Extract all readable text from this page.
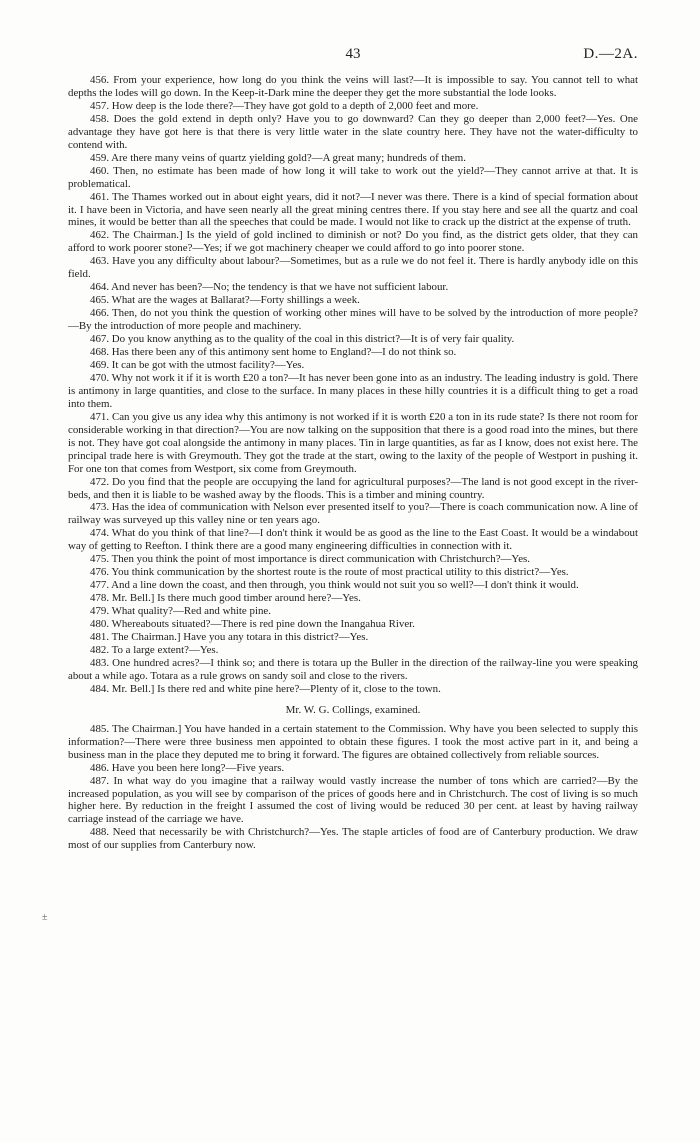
43	D.—2A.

456. From your experience, how long do you think the veins will last?—It is impossible to say. You cannot tell to what depths the lodes will go down. In the Keep-it-Dark mine the deeper they get the more substantial the lode looks.

457. How deep is the lode there?—They have got gold to a depth of 2,000 feet and more.

458. Does the gold extend in depth only? Have you to go downward? Can they go deeper than 2,000 feet?—Yes. One advantage they have got here is that there is very little water in the slate country here. They have not the water-difficulty to contend with.

459. Are there many veins of quartz yielding gold?—A great many; hundreds of them.

460. Then, no estimate has been made of how long it will take to work out the yield?—They cannot arrive at that. It is problematical.

461. The Thames worked out in about eight years, did it not?—I never was there. There is a kind of special formation about it. I have been in Victoria, and have seen nearly all the great mining centres there. If you stay here and see all the quartz and coal mines, it would be better than all the speeches that could be made. I would not like to crack up the district at the expense of truth.

462. The Chairman.] Is the yield of gold inclined to diminish or not? Do you find, as the district gets older, that they can afford to work poorer stone?—Yes; if we got machinery cheaper we could afford to go into poorer stone.

463. Have you any difficulty about labour?—Sometimes, but as a rule we do not feel it. There is hardly anybody idle on this field.

464. And never has been?—No; the tendency is that we have not sufficient labour.

465. What are the wages at Ballarat?—Forty shillings a week.

466. Then, do not you think the question of working other mines will have to be solved by the introduction of more people?—By the introduction of more people and machinery.

467. Do you know anything as to the quality of the coal in this district?—It is of very fair quality.

468. Has there been any of this antimony sent home to England?—I do not think so.

469. It can be got with the utmost facility?—Yes.

470. Why not work it if it is worth £20 a ton?—It has never been gone into as an industry. The leading industry is gold. There is antimony in large quantities, and close to the surface. In many places in these hilly countries it is a difficult thing to get a road into them.

471. Can you give us any idea why this antimony is not worked if it is worth £20 a ton in its rude state? Is there not room for considerable working in that direction?—You are now talking on the supposition that there is a good road into the mines, but there is not. They have got coal alongside the antimony in many places. Tin in large quantities, as far as I know, does not exist here. The principal trade here is with Greymouth. They got the trade at the start, owing to the laxity of the people of Westport in pushing it. For one ton that comes from Westport, six come from Greymouth.

472. Do you find that the people are occupying the land for agricultural purposes?—The land is not good except in the river-beds, and then it is liable to be washed away by the floods. This is a timber and mining country.

473. Has the idea of communication with Nelson ever presented itself to you?—There is coach communication now. A line of railway was surveyed up this valley nine or ten years ago.

474. What do you think of that line?—I don't think it would be as good as the line to the East Coast. It would be a windabout way of getting to Reefton. I think there are a good many engineering difficulties in connection with it.

475. Then you think the point of most importance is direct communication with Christchurch?—Yes.

476. You think communication by the shortest route is the route of most practical utility to this district?—Yes.

477. And a line down the coast, and then through, you think would not suit you so well?—I don't think it would.

478. Mr. Bell.] Is there much good timber around here?—Yes.

479. What quality?—Red and white pine.

480. Whereabouts situated?—There is red pine down the Inangahua River.

481. The Chairman.] Have you any totara in this district?—Yes.

482. To a large extent?—Yes.

483. One hundred acres?—I think so; and there is totara up the Buller in the direction of the railway-line you were speaking about a while ago. Totara as a rule grows on sandy soil and close to the rivers.

484. Mr. Bell.] Is there red and white pine here?—Plenty of it, close to the town.

Mr. W. G. Collings, examined.

485. The Chairman.] You have handed in a certain statement to the Commission. Why have you been selected to supply this information?—There were three business men appointed to obtain these figures. I took the most active part in it, and being a business man in the place they deputed me to bring it forward. The figures are obtained collectively from reliable sources.

486. Have you been here long?—Five years.

487. In what way do you imagine that a railway would vastly increase the number of tons which are carried?—By the increased population, as you will see by comparison of the prices of goods here and in Christchurch. The cost of living is so much higher here. By reduction in the freight I assumed the cost of living would be reduced 30 per cent. at least by having railway carriage instead of the carriage we have.

488. Need that necessarily be with Christchurch?—Yes. The staple articles of food are of Canterbury production. We draw most of our supplies from Canterbury now.

±
